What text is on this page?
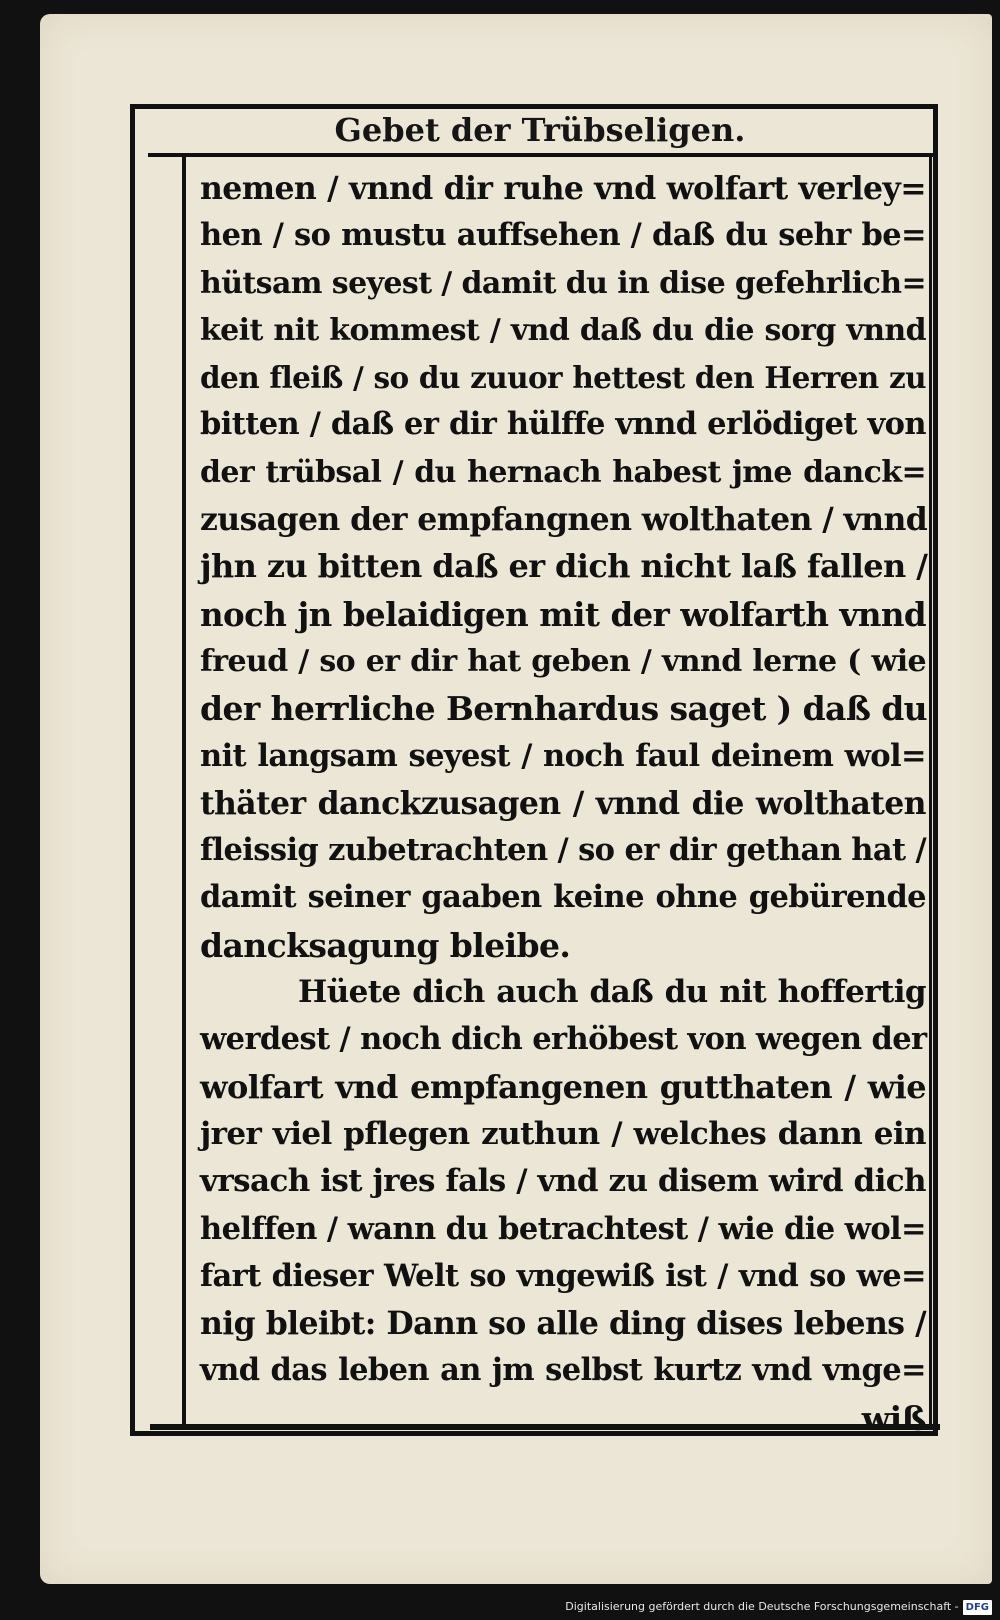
Gebet der Trübseligen.
nemen / vnnd dir ruhe vnd wolfart verley=
hen / so mustu auffsehen / daß du sehr be=
hütsam seyest / damit du in dise gefehrlich=
keit nit kommest / vnd daß du die sorg vnnd
den fleiß / so du zuuor hettest den Herren zu
bitten / daß er dir hülffe vnnd erlödiget von
der trübsal / du hernach habest jme danck=
zusagen der empfangnen wolthaten / vnnd
jhn zu bitten daß er dich nicht laß fallen /
noch jn belaidigen mit der wolfarth vnnd
freud / so er dir hat geben / vnnd lerne ( wie
der herrliche Bernhardus saget ) daß du
nit langsam seyest / noch faul deinem wol=
thäter danckzusagen / vnnd die wolthaten
fleissig zubetrachten / so er dir gethan hat /
damit seiner gaaben keine ohne gebürende
dancksagung bleibe.
Hüete dich auch daß du nit hoffertig
werdest / noch dich erhöbest von wegen der
wolfart vnd empfangenen gutthaten / wie
jrer viel pflegen zuthun / welches dann ein
vrsach ist jres fals / vnd zu disem wird dich
helffen / wann du betrachtest / wie die wol=
fart dieser Welt so vngewiß ist / vnd so we=
nig bleibt: Dann so alle ding dises lebens /
vnd das leben an jm selbst kurtz vnd vnge=
wiß
Digitalisierung gefördert durch die Deutsche Forschungsgemeinschaft - DFG
